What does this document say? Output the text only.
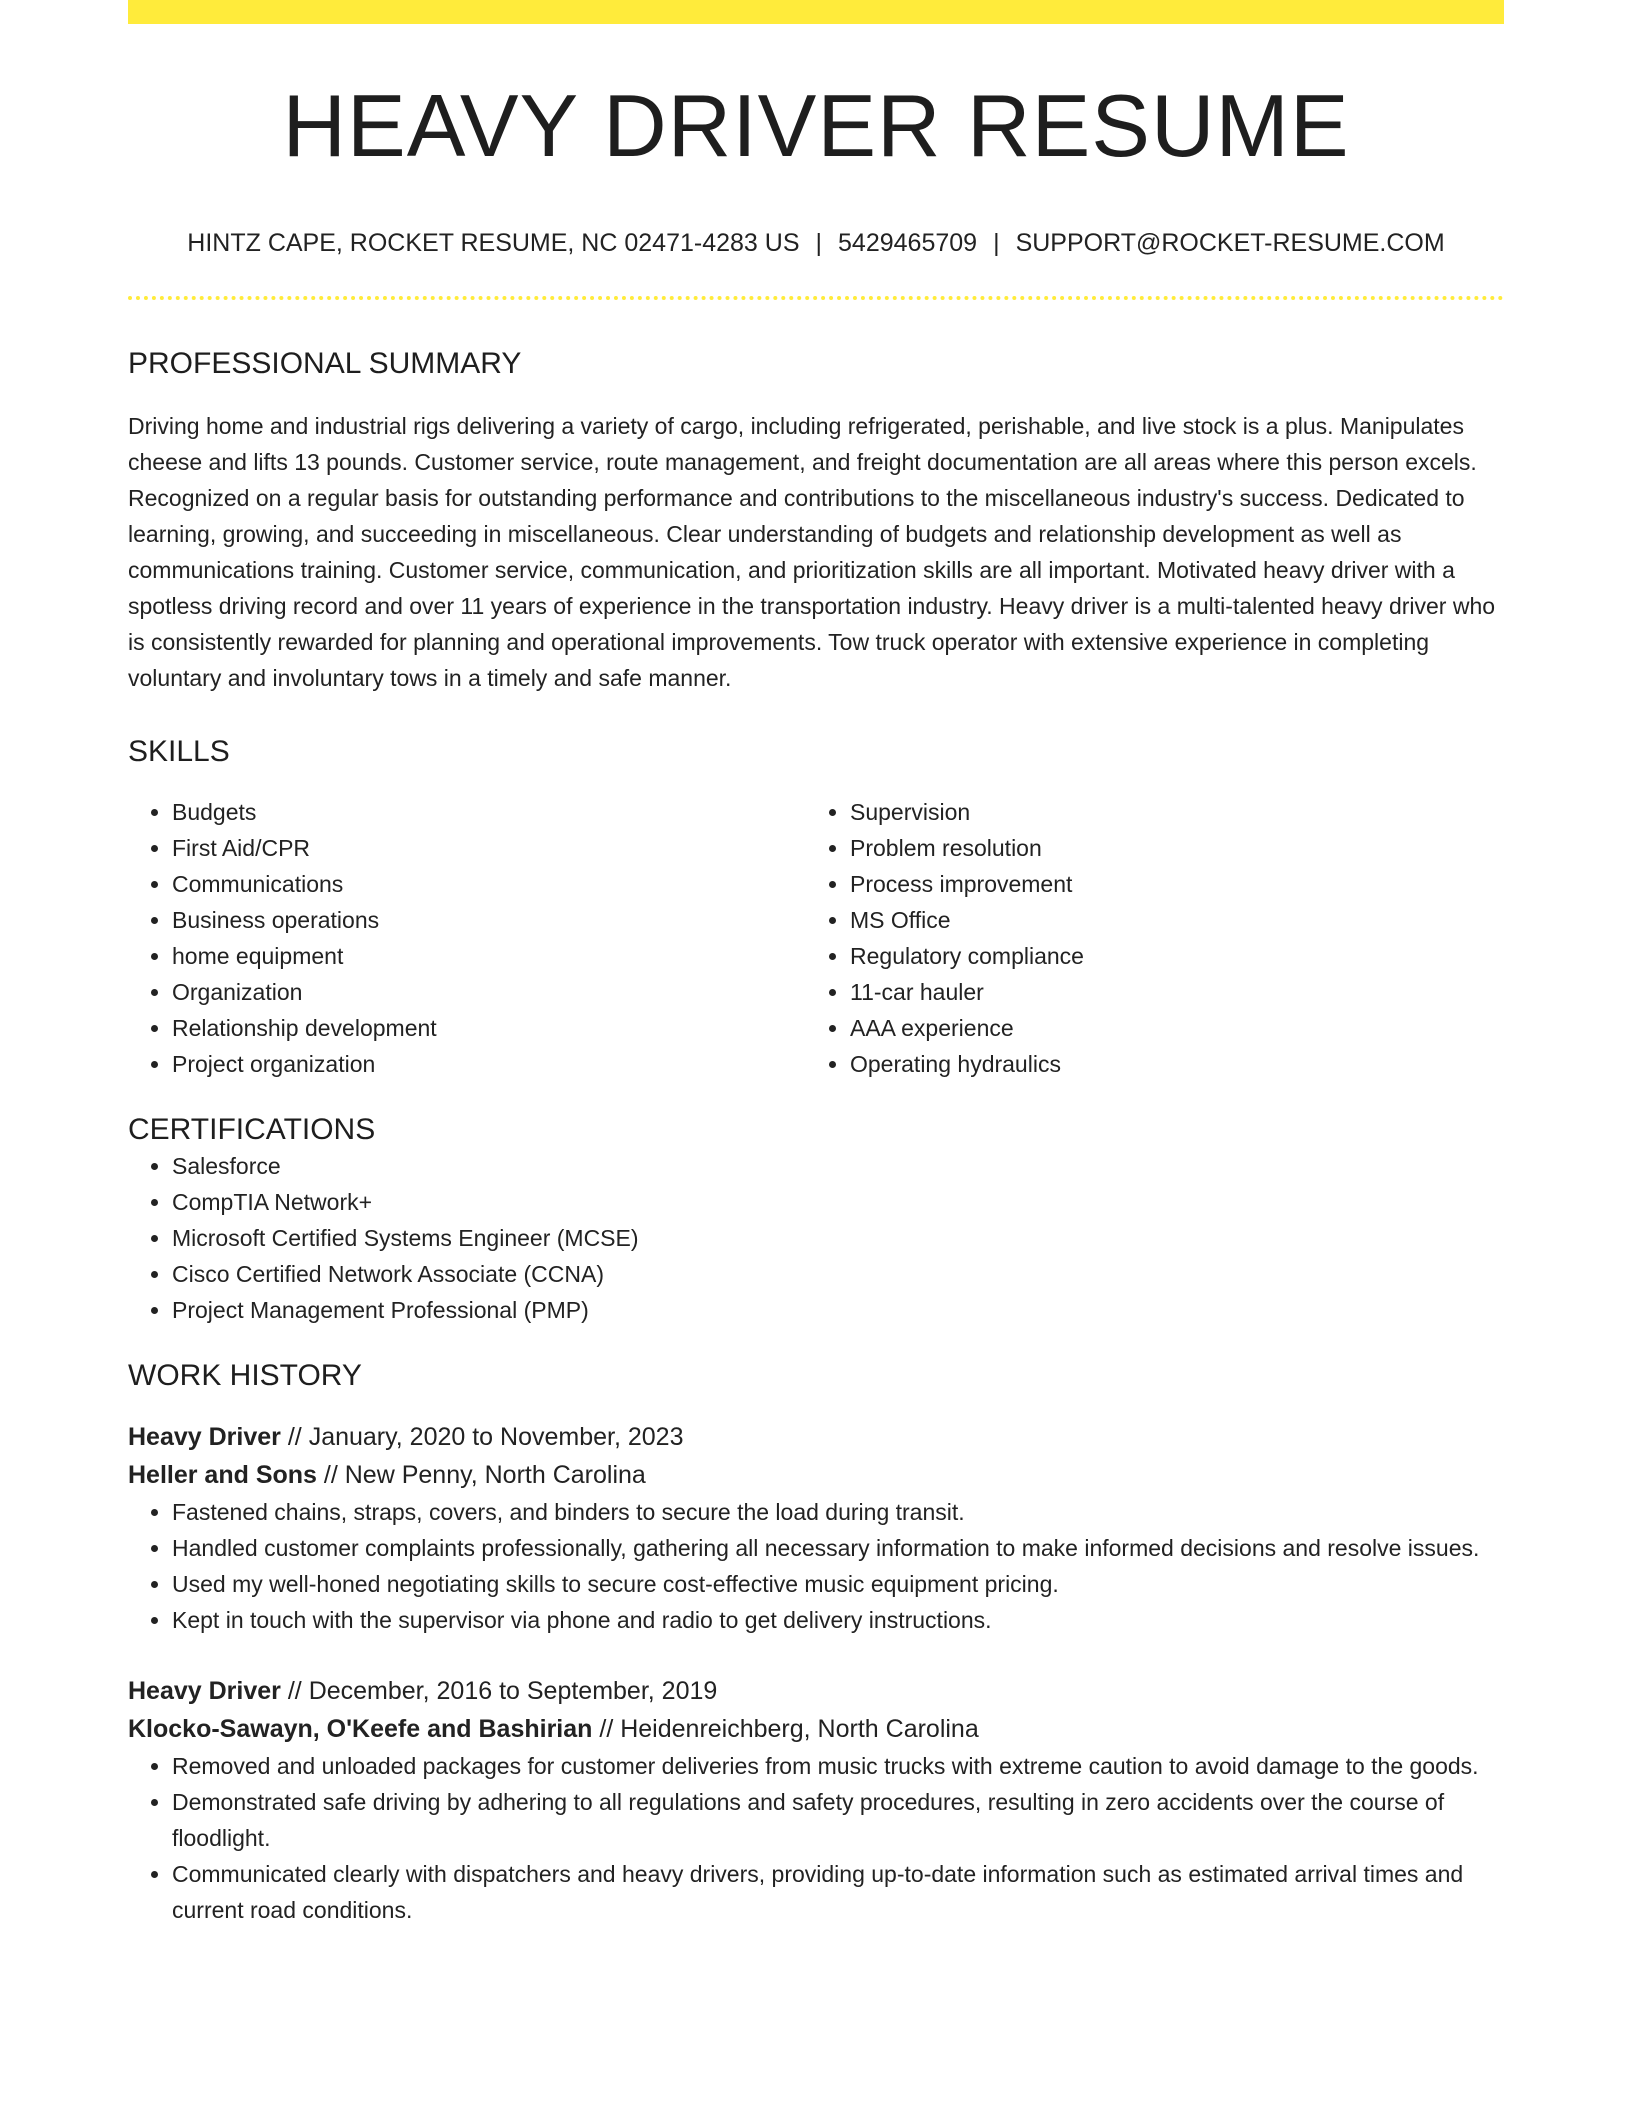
HEAVY DRIVER RESUME
HINTZ CAPE, ROCKET RESUME, NC 02471-4283 US | 5429465709 | SUPPORT@ROCKET-RESUME.COM
PROFESSIONAL SUMMARY

Driving home and industrial rigs delivering a variety of cargo, including refrigerated, perishable, and live stock is a plus. Manipulates cheese and lifts 13 pounds. Customer service, route management, and freight documentation are all areas where this person excels. Recognized on a regular basis for outstanding performance and contributions to the miscellaneous industry's success. Dedicated to learning, growing, and succeeding in miscellaneous. Clear understanding of budgets and relationship development as well as communications training. Customer service, communication, and prioritization skills are all important. Motivated heavy driver with a spotless driving record and over 11 years of experience in the transportation industry. Heavy driver is a multi-talented heavy driver who is consistently rewarded for planning and operational improvements. Tow truck operator with extensive experience in completing voluntary and involuntary tows in a timely and safe manner.

SKILLS
• Budgets
• First Aid/CPR
• Communications
• Business operations
• home equipment
• Organization
• Relationship development
• Project organization
• Supervision
• Problem resolution
• Process improvement
• MS Office
• Regulatory compliance
• 11-car hauler
• AAA experience
• Operating hydraulics
CERTIFICATIONS
• Salesforce
• CompTIA Network+
• Microsoft Certified Systems Engineer (MCSE)
• Cisco Certified Network Associate (CCNA)
• Project Management Professional (PMP)
WORK HISTORY
Heavy Driver // January, 2020 to November, 2023
Heller and Sons // New Penny, North Carolina
• Fastened chains, straps, covers, and binders to secure the load during transit.
• Handled customer complaints professionally, gathering all necessary information to make informed decisions and resolve issues.
• Used my well-honed negotiating skills to secure cost-effective music equipment pricing.
• Kept in touch with the supervisor via phone and radio to get delivery instructions.
Heavy Driver // December, 2016 to September, 2019
Klocko-Sawayn, O'Keefe and Bashirian // Heidenreichberg, North Carolina
• Removed and unloaded packages for customer deliveries from music trucks with extreme caution to avoid damage to the goods.
• Demonstrated safe driving by adhering to all regulations and safety procedures, resulting in zero accidents over the course of floodlight.
• Communicated clearly with dispatchers and heavy drivers, providing up-to-date information such as estimated arrival times and current road conditions.
